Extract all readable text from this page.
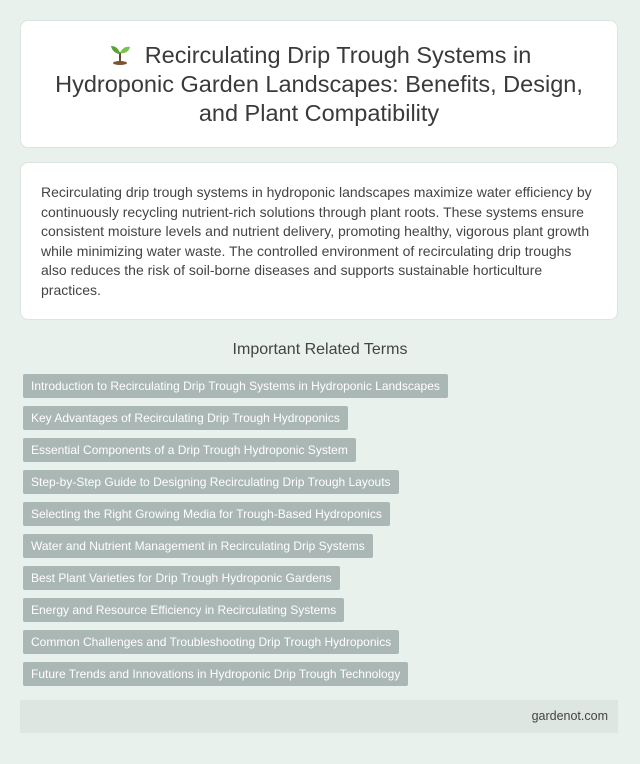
Recirculating Drip Trough Systems in Hydroponic Garden Landscapes: Benefits, Design, and Plant Compatibility

Recirculating drip trough systems in hydroponic landscapes maximize water efficiency by continuously recycling nutrient-rich solutions through plant roots. These systems ensure consistent moisture levels and nutrient delivery, promoting healthy, vigorous plant growth while minimizing water waste. The controlled environment of recirculating drip troughs also reduces the risk of soil-borne diseases and supports sustainable horticulture practices.

Important Related Terms
Introduction to Recirculating Drip Trough Systems in Hydroponic Landscapes
Key Advantages of Recirculating Drip Trough Hydroponics
Essential Components of a Drip Trough Hydroponic System
Step-by-Step Guide to Designing Recirculating Drip Trough Layouts
Selecting the Right Growing Media for Trough-Based Hydroponics
Water and Nutrient Management in Recirculating Drip Systems
Best Plant Varieties for Drip Trough Hydroponic Gardens
Energy and Resource Efficiency in Recirculating Systems
Common Challenges and Troubleshooting Drip Trough Hydroponics
Future Trends and Innovations in Hydroponic Drip Trough Technology
gardenot.com
